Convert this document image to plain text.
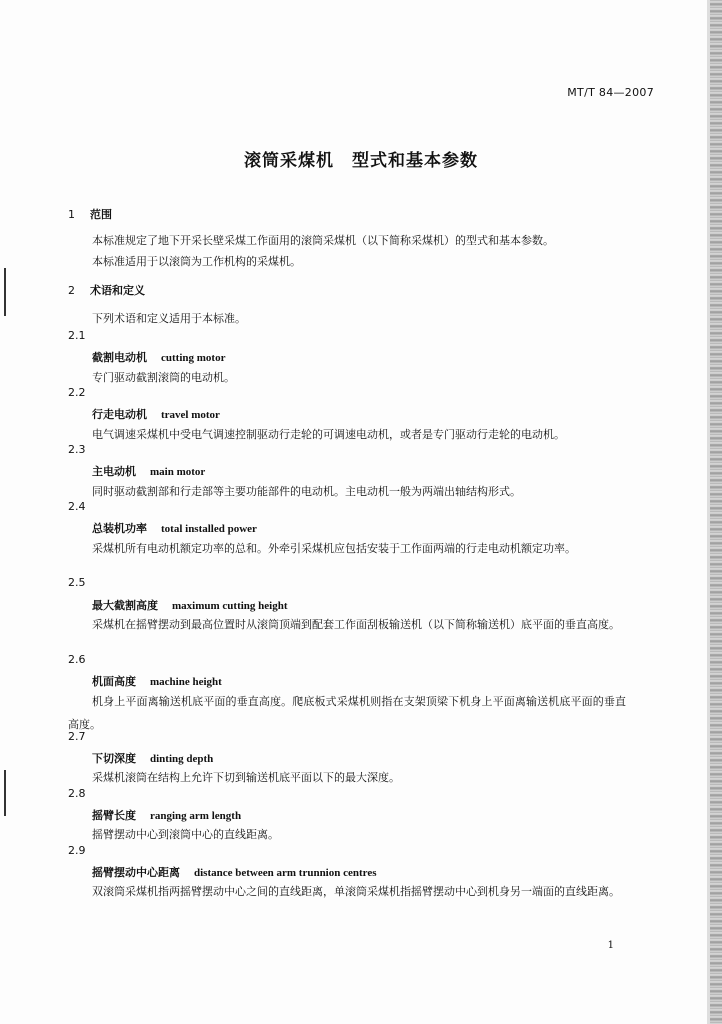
MT/T 84—2007
滚筒采煤机　型式和基本参数
1 范围
本标准规定了地下开采长壁采煤工作面用的滚筒采煤机（以下简称采煤机）的型式和基本参数。
本标准适用于以滚筒为工作机构的采煤机。
2 术语和定义
下列术语和定义适用于本标准。
2.1
截割电动机 cutting motor
专门驱动截割滚筒的电动机。
2.2
行走电动机 travel motor
电气调速采煤机中受电气调速控制驱动行走轮的可调速电动机，或者是专门驱动行走轮的电动机。
2.3
主电动机 main motor
同时驱动截割部和行走部等主要功能部件的电动机。主电动机一般为两端出轴结构形式。
2.4
总装机功率 total installed power
采煤机所有电动机额定功率的总和。外牵引采煤机应包括安装于工作面两端的行走电动机额定功率。
2.5
最大截割高度 maximum cutting height
采煤机在摇臂摆动到最高位置时从滚筒顶端到配套工作面刮板输送机（以下简称输送机）底平面的垂直高度。
2.6
机面高度 machine height
机身上平面离输送机底平面的垂直高度。爬底板式采煤机则指在支架顶梁下机身上平面离输送机底平面的垂直高度。
2.7
下切深度 dinting depth
采煤机滚筒在结构上允许下切到输送机底平面以下的最大深度。
2.8
摇臂长度 ranging arm length
摇臂摆动中心到滚筒中心的直线距离。
2.9
摇臂摆动中心距离 distance between arm trunnion centres
双滚筒采煤机指两摇臂摆动中心之间的直线距离，单滚筒采煤机指摇臂摆动中心到机身另一端面的直线距离。
1
